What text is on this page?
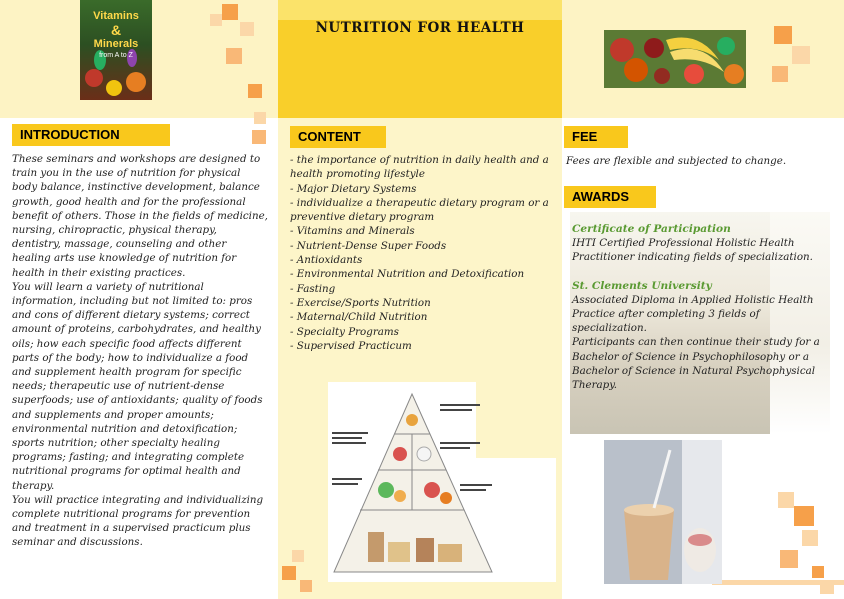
Vitamins
&
Minerals
from A to Z
NUTRITION FOR HEALTH
INTRODUCTION

These seminars and workshops are designed to train you in the use of nutrition for physical body balance, instinctive development, balance growth, good health and for the professional benefit of others. Those in the fields of medicine, nursing, chiropractic, physical therapy, dentistry, massage, counseling and other healing arts use knowledge of nutrition for health in their existing practices.

You will learn a variety of nutritional information, including but not limited to: pros and cons of different dietary systems; correct amount of proteins, carbohydrates, and healthy oils; how each specific food affects different parts of the body; how to individualize a food and supplement health program for specific needs; therapeutic use of nutrient-dense superfoods; use of antioxidants; quality of foods and supplements and proper amounts; environmental nutrition and detoxification; sports nutrition; other specialty healing programs; fasting; and integrating complete nutritional programs for optimal health and therapy.

You will practice integrating and individualizing complete nutritional programs for prevention and treatment in a supervised practicum plus seminar and discussions.

CONTENT
- the importance of nutrition in daily health and a health promoting lifestyle
- Major Dietary Systems
- individualize a therapeutic dietary program or a preventive dietary program
- Vitamins and Minerals
- Nutrient-Dense Super Foods
- Antioxidants
- Environmental Nutrition and Detoxification
- Fasting
- Exercise/Sports Nutrition
- Maternal/Child Nutrition
- Specialty Programs
- Supervised Practicum
FEE
Fees are flexible and subjected to change.
AWARDS

Certificate of Participation

IHTI Certified Professional Holistic Health Practitioner indicating fields of specialization.

St. Clements University

Associated Diploma in Applied Holistic Health Practice after completing 3 fields of specialization.

Participants can then continue their study for a Bachelor of Science in Psychophilosophy or a Bachelor of Science in Natural Psychophysical Therapy.
